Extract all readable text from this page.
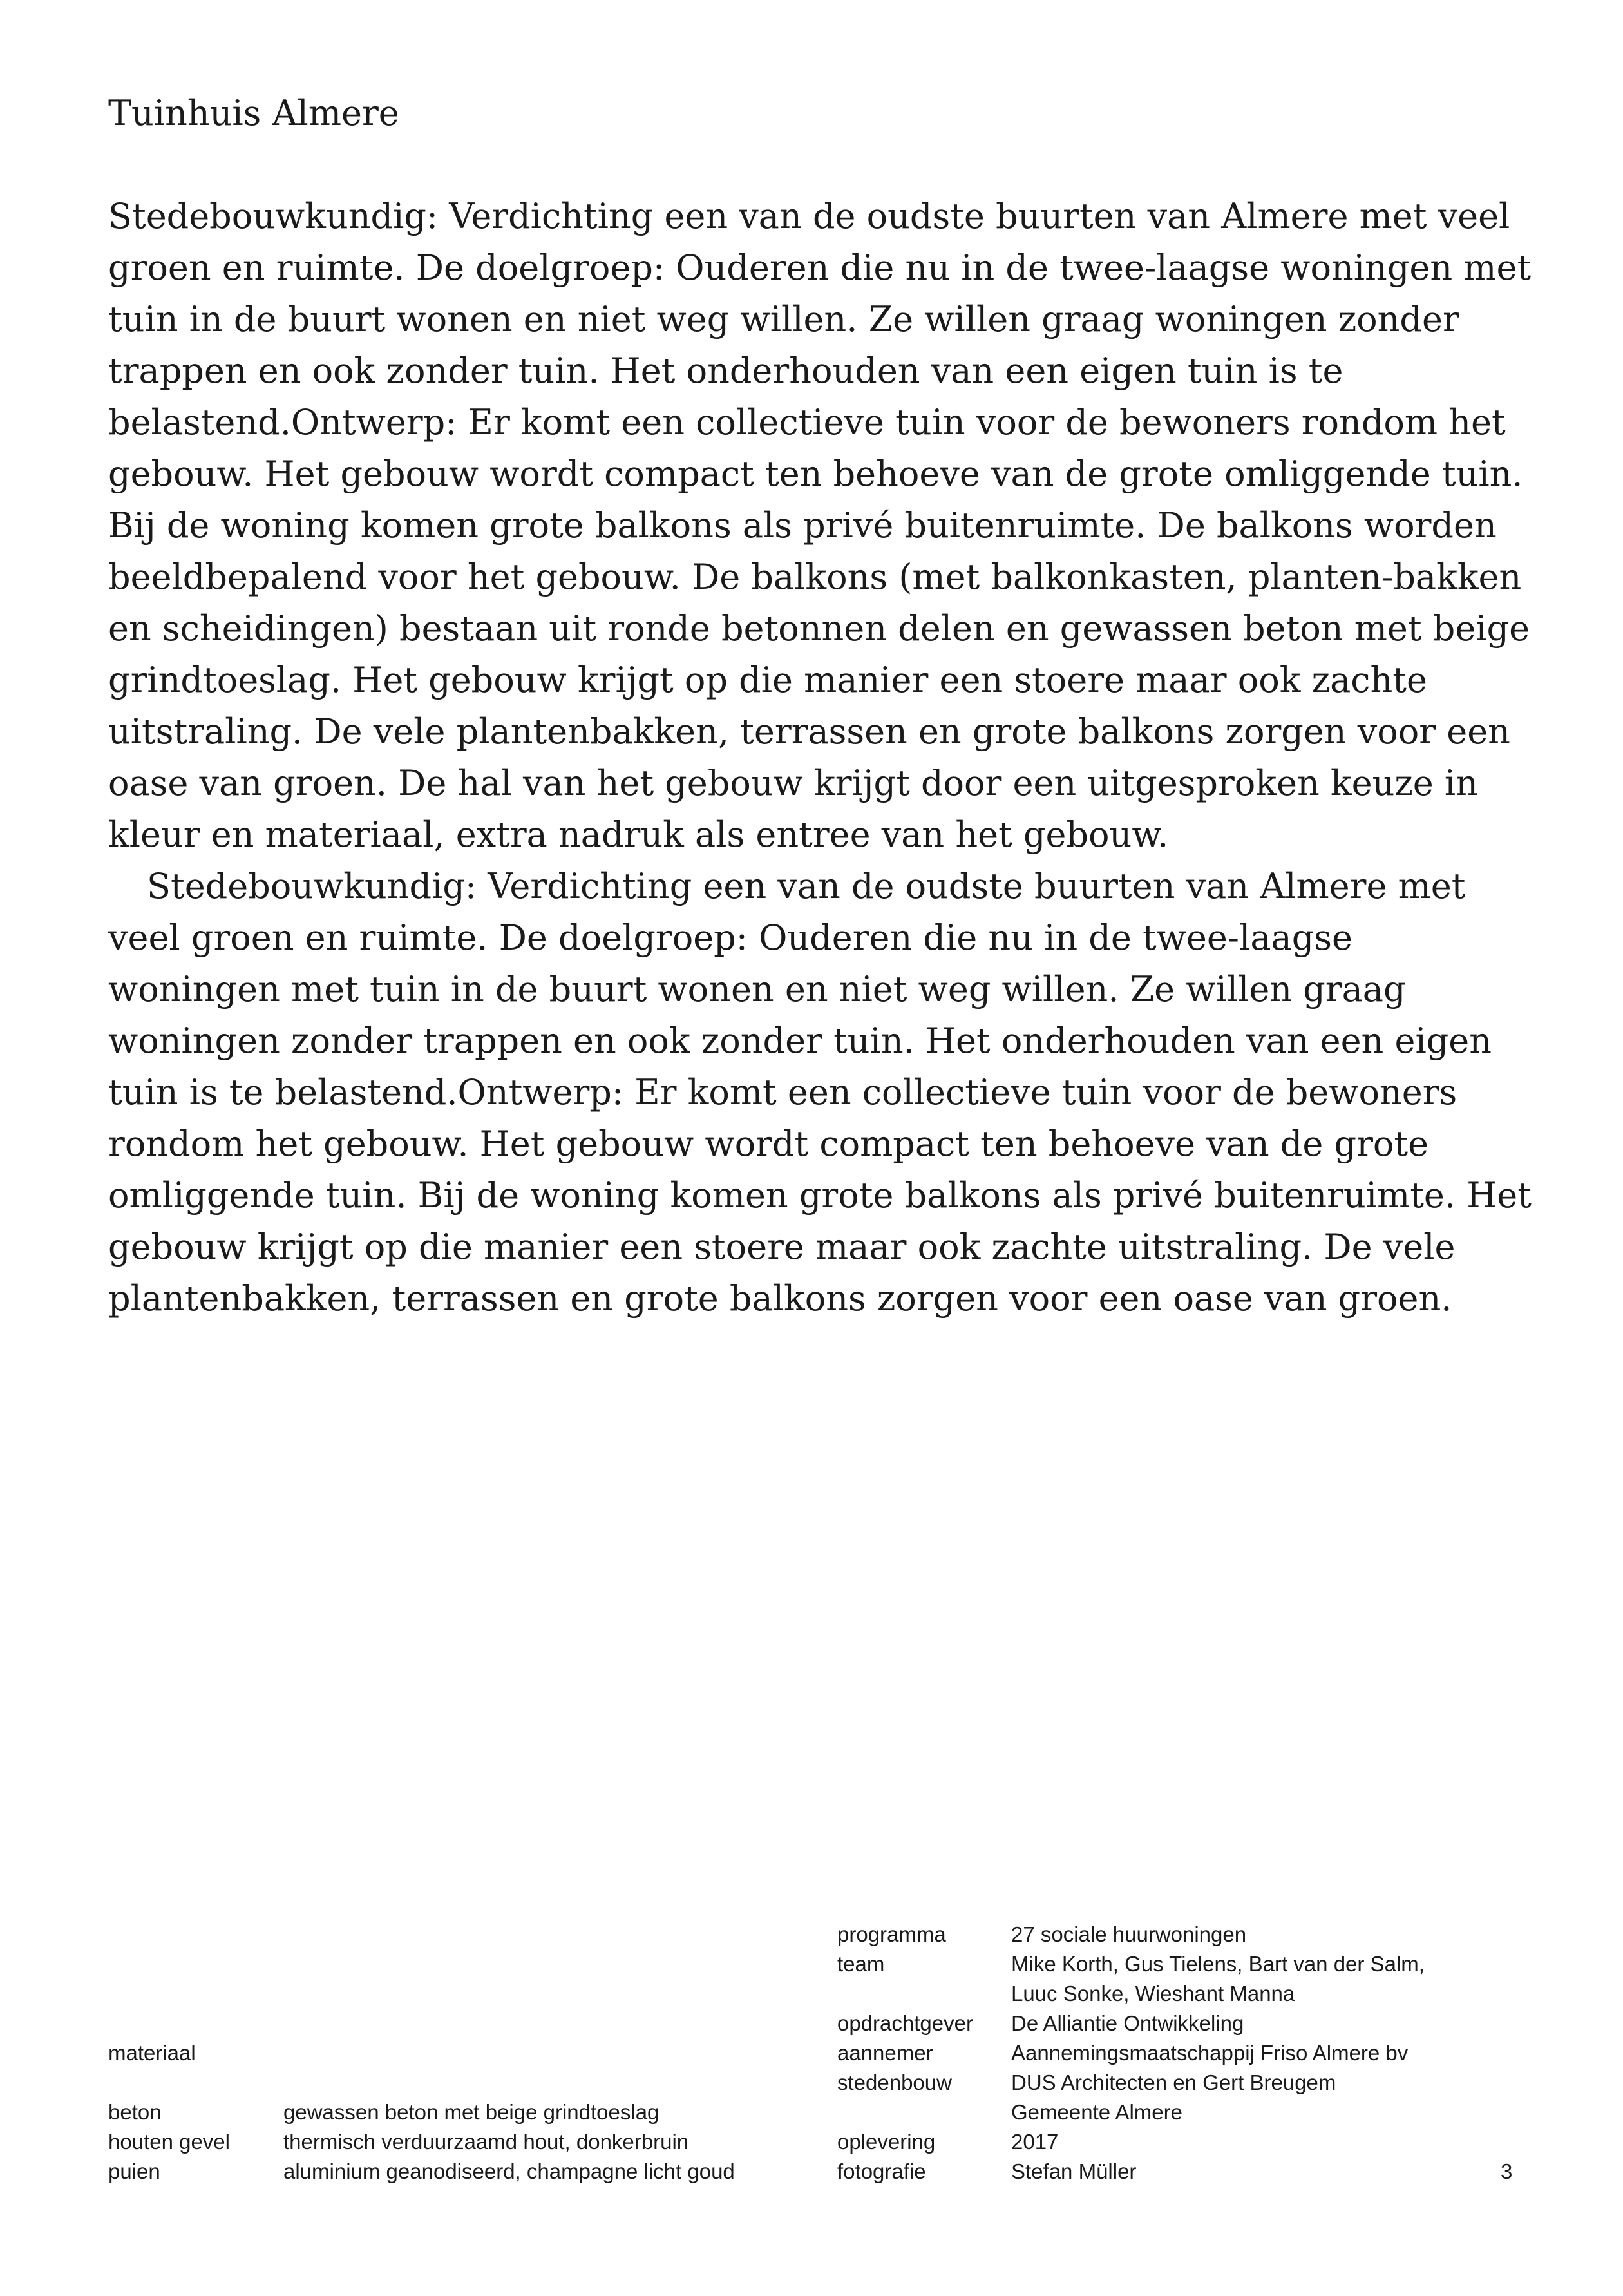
Tuinhuis Almere

Stedebouwkundig: Verdichting een van de oudste buurten van Almere met veel groen en ruimte. De doelgroep: Ouderen die nu in de twee-laagse woningen met tuin in de buurt wonen en niet weg willen. Ze willen graag woningen zonder trappen en ook zonder tuin. Het onderhouden van een eigen tuin is te belastend.Ontwerp: Er komt een collectieve tuin voor de bewoners rondom het gebouw. Het gebouw wordt compact ten behoeve van de grote omliggende tuin. Bij de woning komen grote balkons als privé buitenruimte. De balkons worden beeldbepalend voor het gebouw. De balkons (met balkonkasten, planten-bakken en scheidingen) bestaan uit ronde betonnen delen en gewassen beton met beige grindtoeslag. Het gebouw krijgt op die manier een stoere maar ook zachte uitstraling. De vele plantenbakken, terrassen en grote balkons zorgen voor een oase van groen. De hal van het gebouw krijgt door een uitgesproken keuze in kleur en materiaal, extra nadruk als entree van het gebouw.

Stedebouwkundig: Verdichting een van de oudste buurten van Almere met veel groen en ruimte. De doelgroep: Ouderen die nu in de twee-laagse woningen met tuin in de buurt wonen en niet weg willen. Ze willen graag woningen zonder trappen en ook zonder tuin. Het onderhouden van een eigen tuin is te belastend.Ontwerp: Er komt een collectieve tuin voor de bewoners rondom het gebouw. Het gebouw wordt compact ten behoeve van de grote omliggende tuin. Bij de woning komen grote balkons als privé buitenruimte. Het gebouw krijgt op die manier een stoere maar ook zachte uitstraling. De vele plantenbakken, terrassen en grote balkons zorgen voor een oase van groen.

materiaal
beton	gewassen beton met beige grindtoeslag
houten gevel	thermisch verduurzaamd hout, donkerbruin
puien	aluminium geanodiseerd, champagne licht goud
programma	27 sociale huurwoningen
team	Mike Korth, Gus Tielens, Bart van der Salm,
Luuc Sonke, Wieshant Manna
opdrachtgever	De Alliantie Ontwikkeling
aannemer	Aannemingsmaatschappij Friso Almere bv
stedenbouw	DUS Architecten en Gert Breugem
Gemeente Almere
oplevering	2017
fotografie	Stefan Müller	3
